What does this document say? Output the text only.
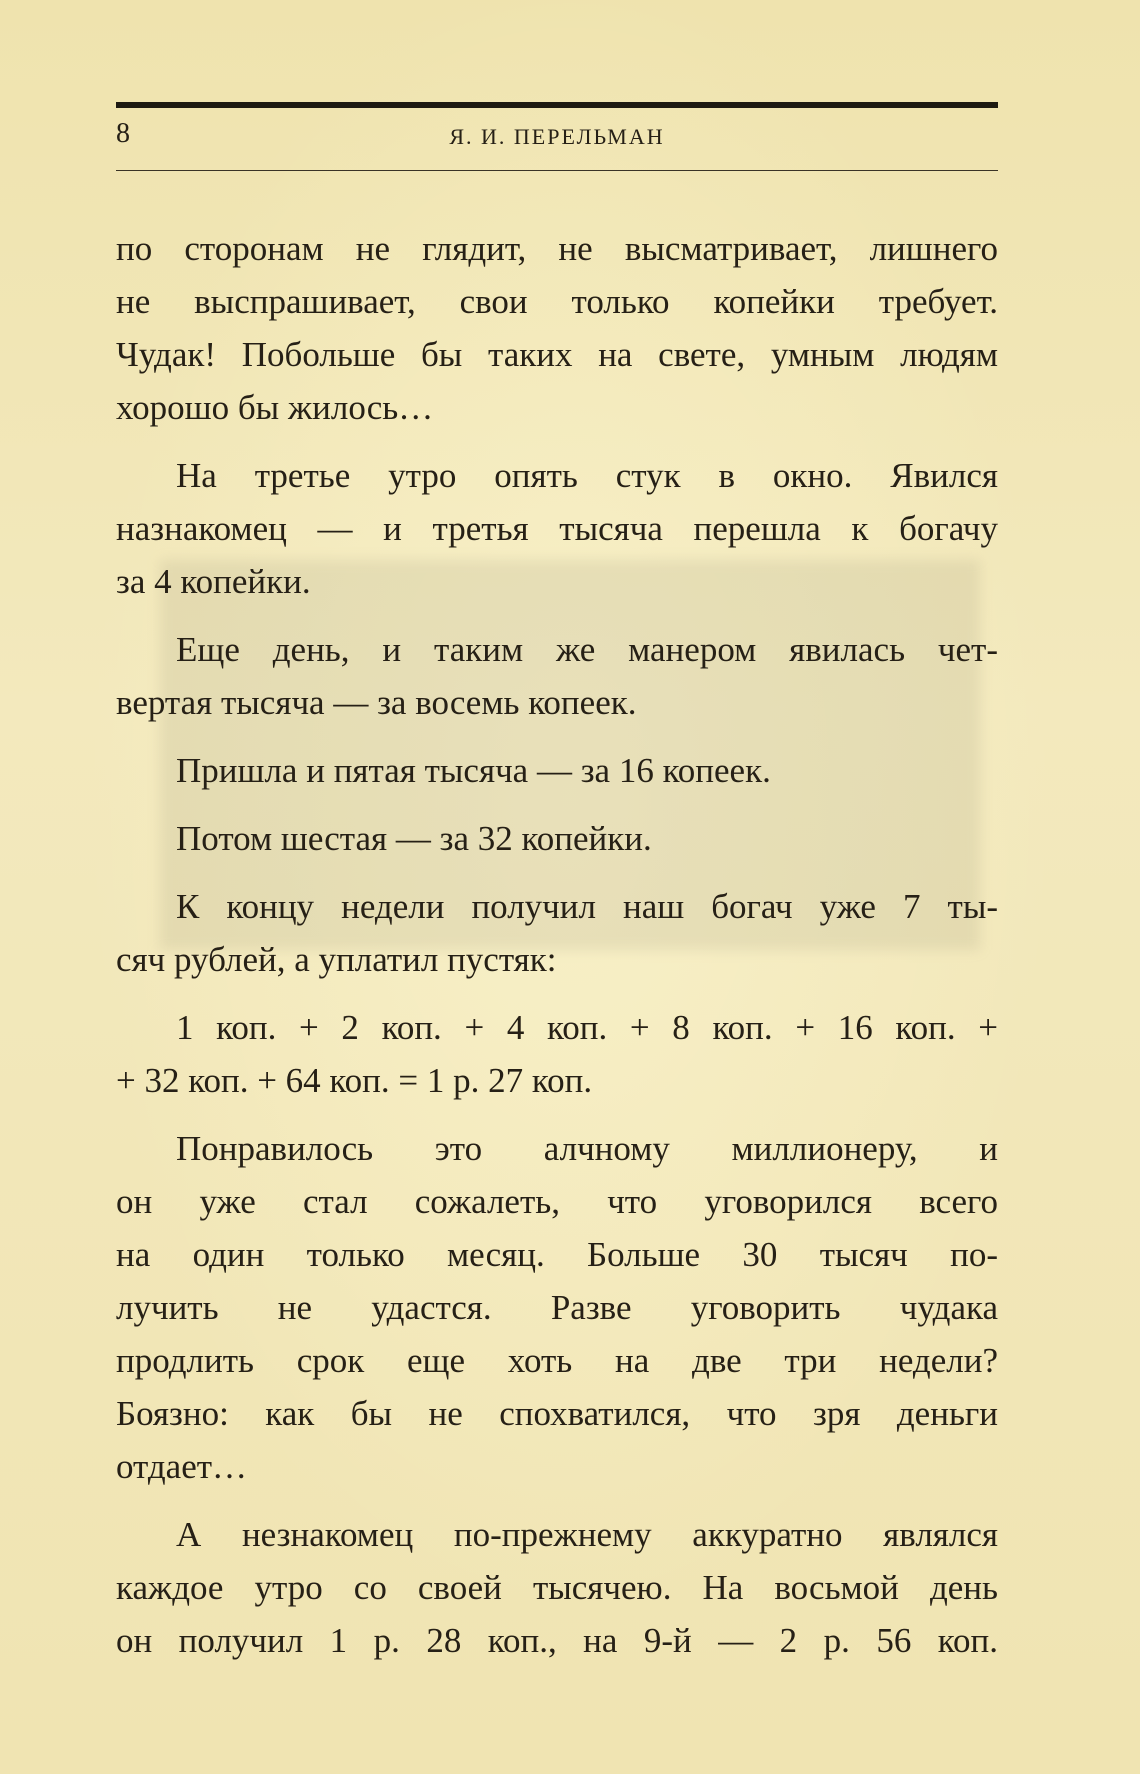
8	Я. И. ПЕРЕЛЬМАН
по сторонам не глядит, не высматривает, лишнего
не выспрашивает, свои только копейки требует.
Чудак! Побольше бы таких на свете, умным людям
хорошо бы жилось…
На третье утро опять стук в окно. Явился
назнакомец — и третья тысяча перешла к богачу
за 4 копейки.
Еще день, и таким же манером явилась чет-
вертая тысяча — за восемь копеек.
Пришла и пятая тысяча — за 16 копеек.
Потом шестая — за 32 копейки.
К концу недели получил наш богач уже 7 ты-
сяч рублей, а уплатил пустяк:
1 коп. + 2 коп. + 4 коп. + 8 коп. + 16 коп. +
+ 32 коп. + 64 коп. = 1 р. 27 коп.
Понравилось это алчному миллионеру, и
он уже стал сожалеть, что уговорился всего
на один только месяц. Больше 30 тысяч по-
лучить не удастся. Разве уговорить чудака
продлить срок еще хоть на две три недели?
Боязно: как бы не спохватился, что зря деньги
отдает…
А незнакомец по-прежнему аккуратно являлся
каждое утро со своей тысячею. На восьмой день
он получил 1 р. 28 коп., на 9-й — 2 р. 56 коп.
